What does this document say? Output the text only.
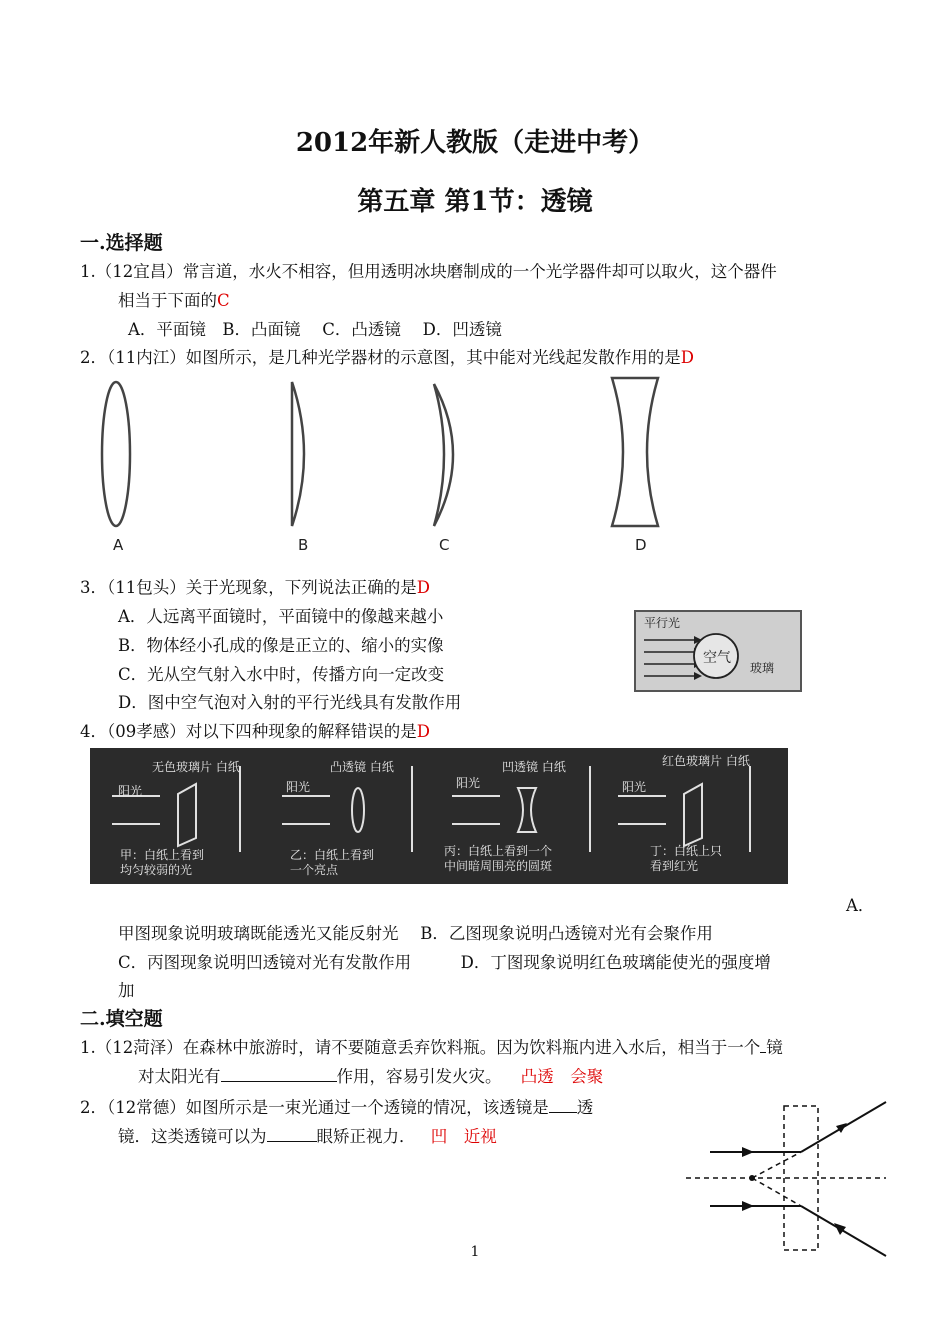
2012年新人教版（走进中考）
第五章 第1节：透镜
一.选择题
1.（12宜昌）常言道，水火不相容，但用透明冰块磨制成的一个光学器件却可以取火，这个器件
相当于下面的C
A．平面镜　B．凸面镜　 C．凸透镜　 D．凹透镜
2．（11内江）如图所示，是几种光学器材的示意图，其中能对光线起发散作用的是D
A	B	C	D
3．（11包头）关于光现象，下列说法正确的是D
A．人远离平面镜时，平面镜中的像越来越小
B．物体经小孔成的像是正立的、缩小的实像
C．光从空气射入水中时，传播方向一定改变
D．图中空气泡对入射的平行光线具有发散作用
平行光
空气
玻璃
4．（09孝感）对以下四种现象的解释错误的是D
无色玻璃片 白纸
阳光
甲：白纸上看到
均匀较弱的光
凸透镜 白纸
阳光
乙：白纸上看到
一个亮点
凹透镜 白纸
阳光
丙：白纸上看到一个
中间暗周围亮的圆斑
红色玻璃片 白纸
阳光
丁：白纸上只
看到红光
A．
甲图现象说明玻璃既能透光又能反射光　 B．乙图现象说明凸透镜对光有会聚作用
C．丙图现象说明凹透镜对光有发散作用　　　D．丁图现象说明红色玻璃能使光的强度增
加
二.填空题
1.（12菏泽）在森林中旅游时，请不要随意丢弃饮料瓶。因为饮料瓶内进入水后，相当于一个 镜
对太阳光有	作用，容易引发火灾。 凸透　会聚
2．（12常德）如图所示是一束光通过一个透镜的情况，该透镜是 透
镜．这类透镜可以为	眼矫正视力． 凹　近视
1
